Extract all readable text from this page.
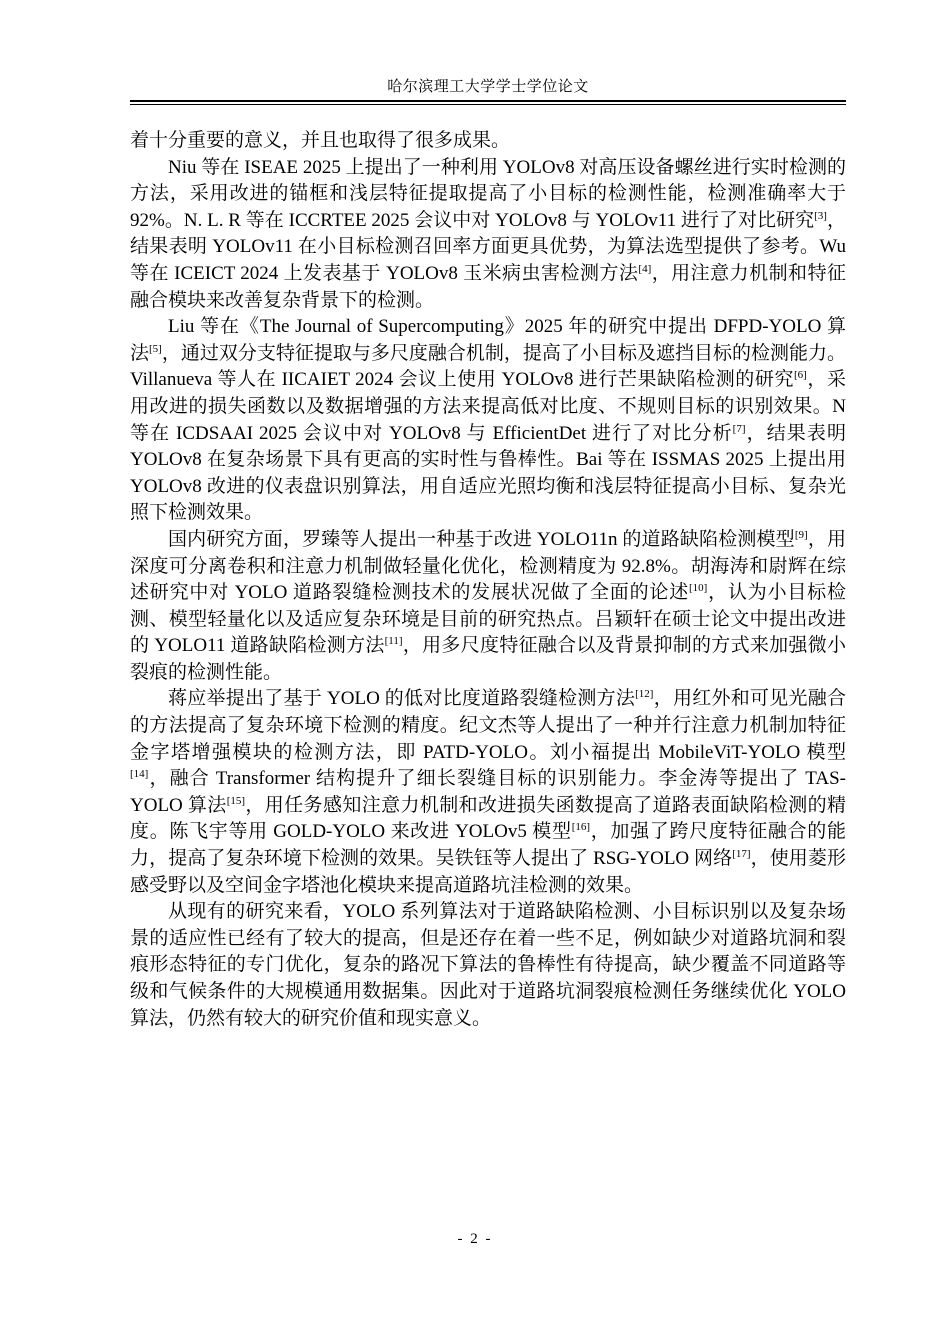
哈尔滨理工大学学士学位论文

着十分重要的意义，并且也取得了很多成果。

Niu 等在 ISEAE 2025 上提出了一种利用 YOLOv8 对高压设备螺丝进行实时检测的方法，采用改进的锚框和浅层特征提取提高了小目标的检测性能，检测准确率大于 92%。N. L. R 等在 ICCRTEE 2025 会议中对 YOLOv8 与 YOLOv11 进行了对比研究[3]，结果表明 YOLOv11 在小目标检测召回率方面更具优势，为算法选型提供了参考。Wu 等在 ICEICT 2024 上发表基于 YOLOv8 玉米病虫害检测方法[4]，用注意力机制和特征融合模块来改善复杂背景下的检测。

Liu 等在《The Journal of Supercomputing》2025 年的研究中提出 DFPD-YOLO 算法[5]，通过双分支特征提取与多尺度融合机制，提高了小目标及遮挡目标的检测能力。Villanueva 等人在 IICAIET 2024 会议上使用 YOLOv8 进行芒果缺陷检测的研究[6]，采用改进的损失函数以及数据增强的方法来提高低对比度、不规则目标的识别效果。N 等在 ICDSAAI 2025 会议中对 YOLOv8 与 EfficientDet 进行了对比分析[7]，结果表明 YOLOv8 在复杂场景下具有更高的实时性与鲁棒性。Bai 等在 ISSMAS 2025 上提出用 YOLOv8 改进的仪表盘识别算法，用自适应光照均衡和浅层特征提高小目标、复杂光照下检测效果。

国内研究方面，罗臻等人提出一种基于改进 YOLO11n 的道路缺陷检测模型[9]，用深度可分离卷积和注意力机制做轻量化优化，检测精度为 92.8%。胡海涛和尉辉在综述研究中对 YOLO 道路裂缝检测技术的发展状况做了全面的论述[10]，认为小目标检测、模型轻量化以及适应复杂环境是目前的研究热点。吕颖轩在硕士论文中提出改进的 YOLO11 道路缺陷检测方法[11]，用多尺度特征融合以及背景抑制的方式来加强微小裂痕的检测性能。

蒋应举提出了基于 YOLO 的低对比度道路裂缝检测方法[12]，用红外和可见光融合的方法提高了复杂环境下检测的精度。纪文杰等人提出了一种并行注意力机制加特征金字塔增强模块的检测方法，即 PATD-YOLO。刘小福提出 MobileViT-YOLO 模型[14]，融合 Transformer 结构提升了细长裂缝目标的识别能力。李金涛等提出了 TAS-YOLO 算法[15]，用任务感知注意力机制和改进损失函数提高了道路表面缺陷检测的精度。陈飞宇等用 GOLD-YOLO 来改进 YOLOv5 模型[16]，加强了跨尺度特征融合的能力，提高了复杂环境下检测的效果。吴铁钰等人提出了 RSG-YOLO 网络[17]，使用菱形感受野以及空间金字塔池化模块来提高道路坑洼检测的效果。

从现有的研究来看，YOLO 系列算法对于道路缺陷检测、小目标识别以及复杂场景的适应性已经有了较大的提高，但是还存在着一些不足，例如缺少对道路坑洞和裂痕形态特征的专门优化，复杂的路况下算法的鲁棒性有待提高，缺少覆盖不同道路等级和气候条件的大规模通用数据集。因此对于道路坑洞裂痕检测任务继续优化 YOLO 算法，仍然有较大的研究价值和现实意义。

- 2 -
